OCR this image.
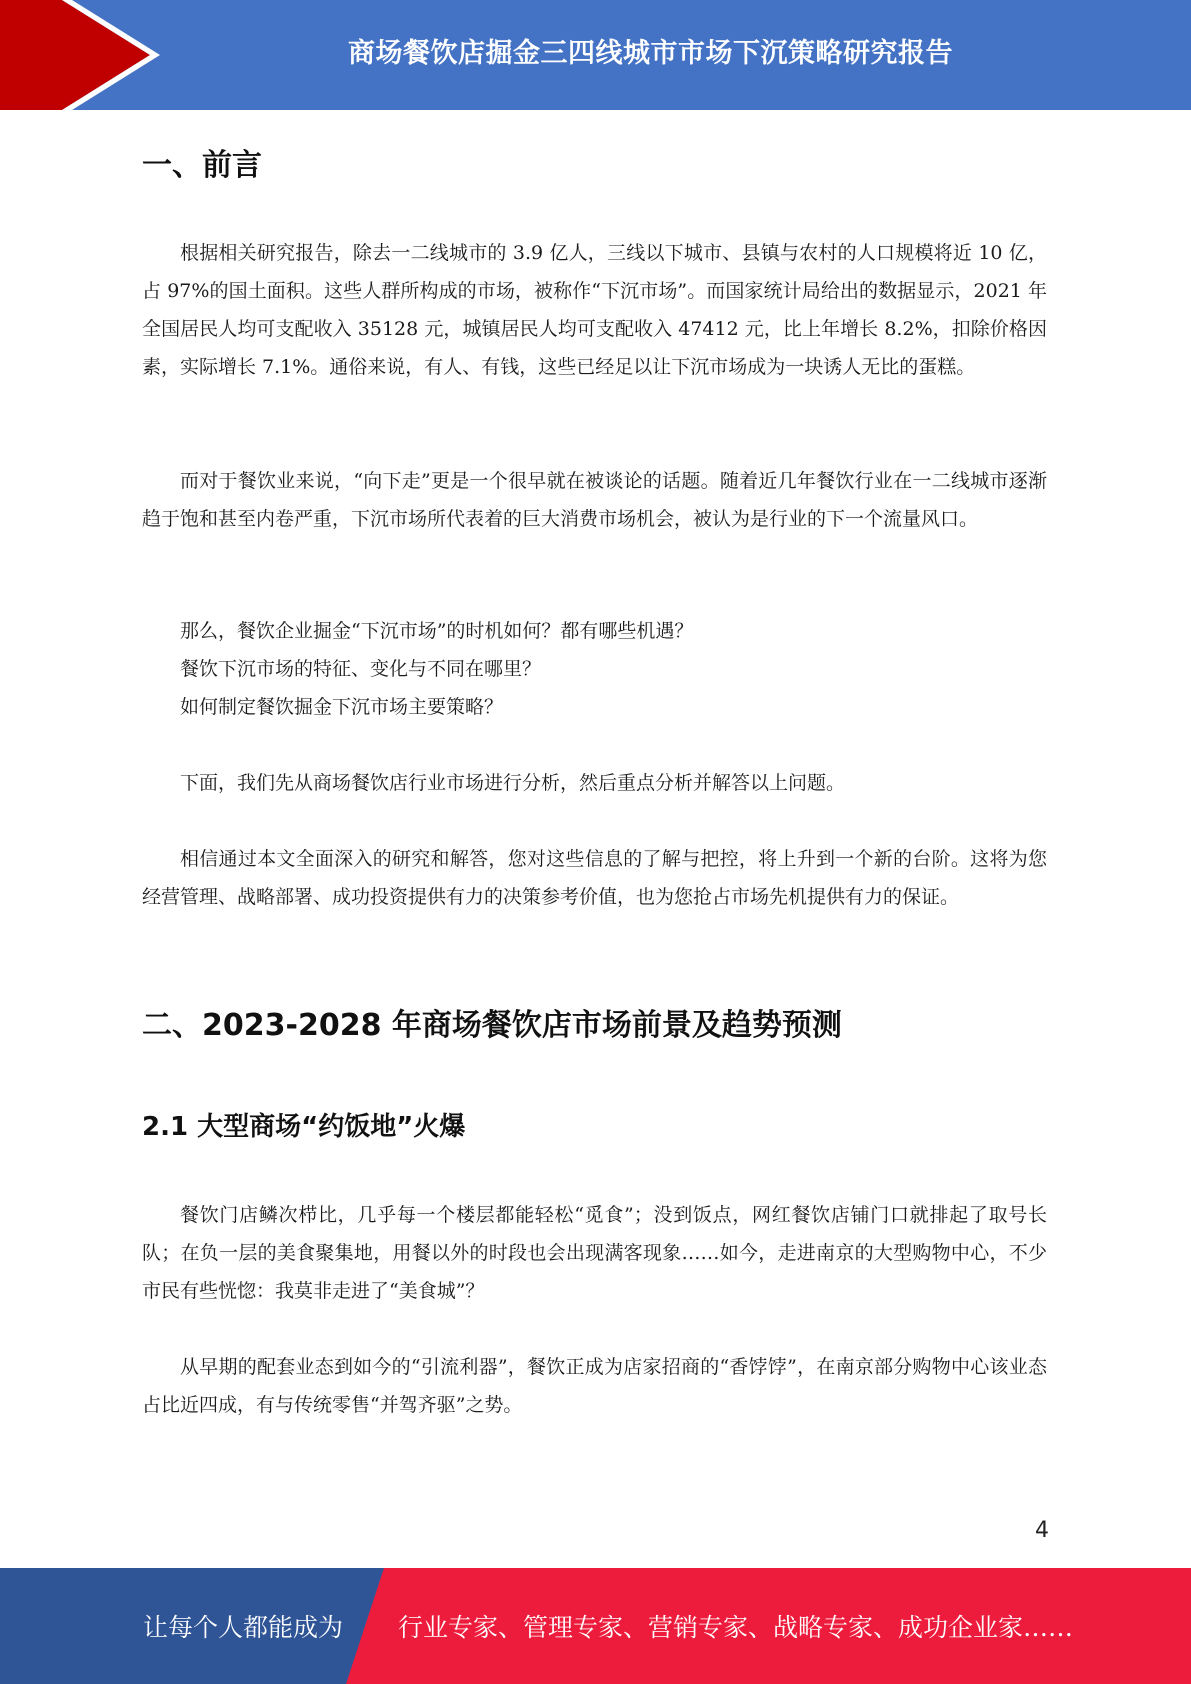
商场餐饮店掘金三四线城市市场下沉策略研究报告
一、前言

根据相关研究报告，除去一二线城市的 3.9 亿人，三线以下城市、县镇与农村的人口规模将近 10 亿，占 97%的国土面积。这些人群所构成的市场，被称作“下沉市场”。而国家统计局给出的数据显示，2021 年全国居民人均可支配收入 35128 元，城镇居民人均可支配收入 47412 元，比上年增长 8.2%，扣除价格因素，实际增长 7.1%。通俗来说，有人、有钱，这些已经足以让下沉市场成为一块诱人无比的蛋糕。

而对于餐饮业来说，“向下走”更是一个很早就在被谈论的话题。随着近几年餐饮行业在一二线城市逐渐趋于饱和甚至内卷严重，下沉市场所代表着的巨大消费市场机会，被认为是行业的下一个流量风口。

那么，餐饮企业掘金“下沉市场”的时机如何？都有哪些机遇？
餐饮下沉市场的特征、变化与不同在哪里？
如何制定餐饮掘金下沉市场主要策略？

下面，我们先从商场餐饮店行业市场进行分析，然后重点分析并解答以上问题。

相信通过本文全面深入的研究和解答，您对这些信息的了解与把控，将上升到一个新的台阶。这将为您经营管理、战略部署、成功投资提供有力的决策参考价值，也为您抢占市场先机提供有力的保证。

二、2023-2028 年商场餐饮店市场前景及趋势预测
2.1 大型商场“约饭地”火爆

餐饮门店鳞次栉比，几乎每一个楼层都能轻松“觅食”；没到饭点，网红餐饮店铺门口就排起了取号长队；在负一层的美食聚集地，用餐以外的时段也会出现满客现象……如今，走进南京的大型购物中心，不少市民有些恍惚：我莫非走进了“美食城”？

从早期的配套业态到如今的“引流利器”，餐饮正成为店家招商的“香饽饽”，在南京部分购物中心该业态占比近四成，有与传统零售“并驾齐驱”之势。

4
让每个人都能成为 行业专家、管理专家、营销专家、战略专家、成功企业家……
